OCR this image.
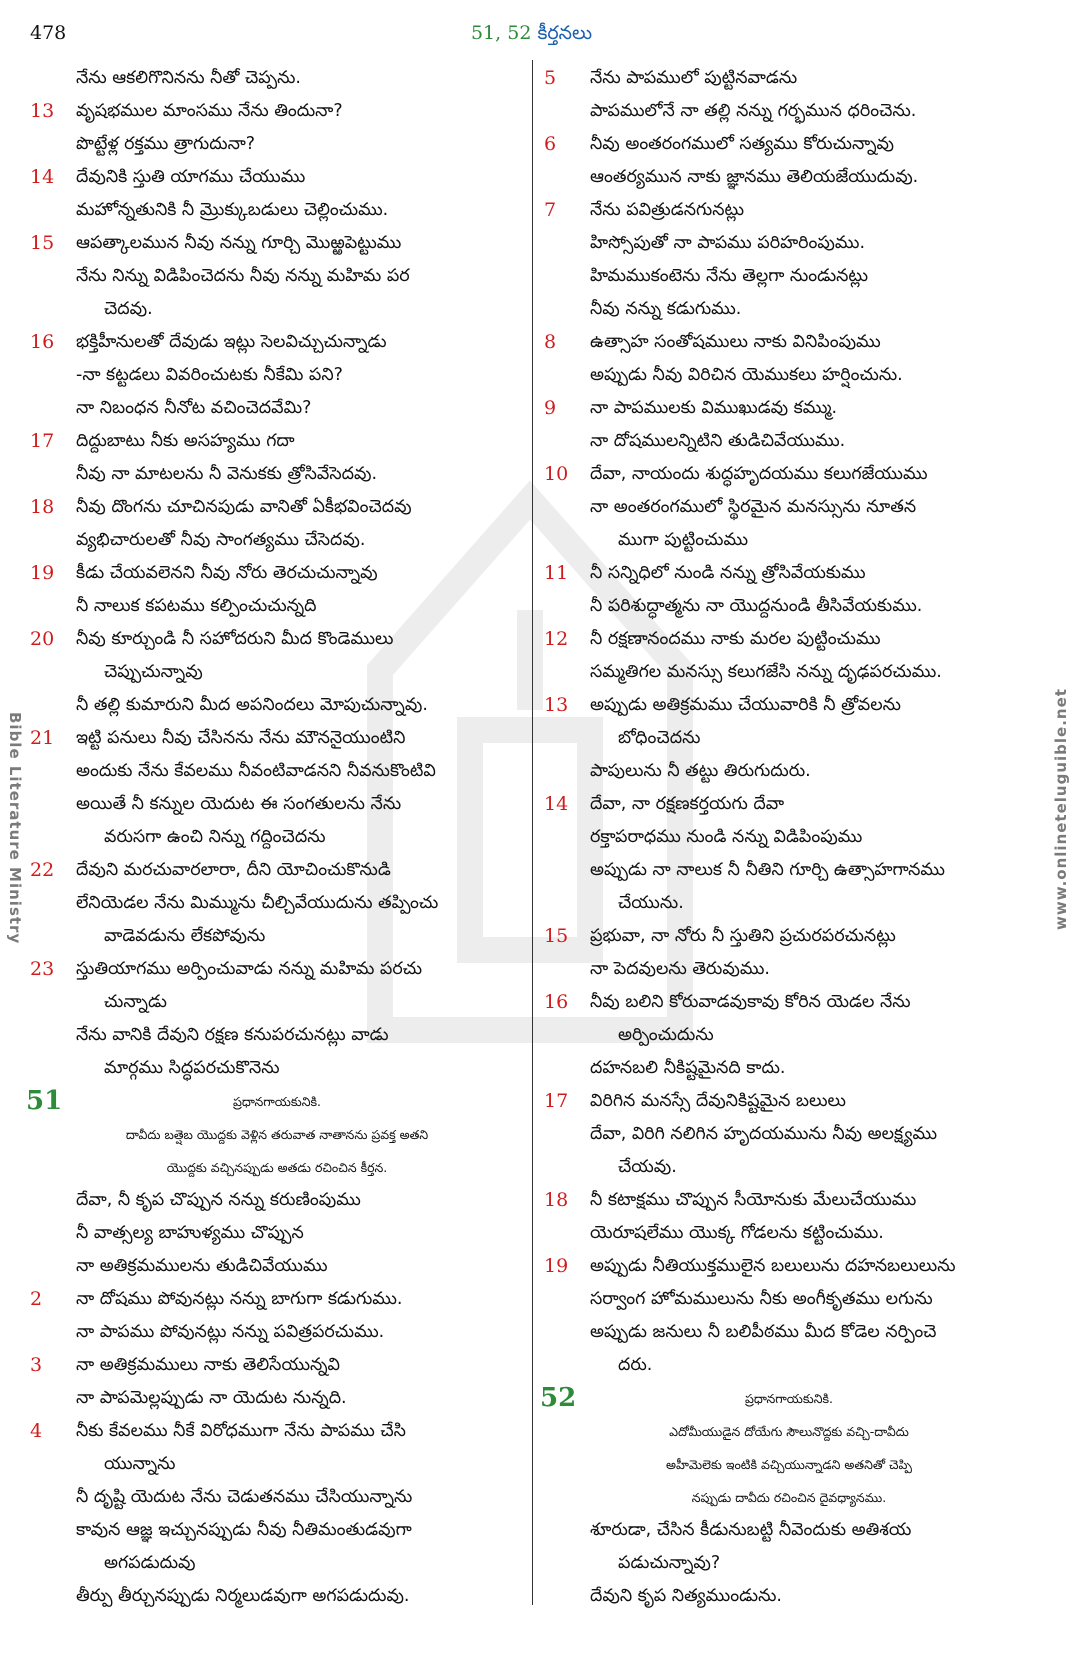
478	51, 52 కీర్తనలు
నేను ఆకలిగొనినను నీతో చెప్పను.
13 వృషభముల మాంసము నేను తిందునా?
పొట్టేళ్ల రక్తము త్రాగుదునా?
14 దేవునికి స్తుతి యాగము చేయుము
మహోన్నతునికి నీ మ్రొక్కుబడులు చెల్లించుము.
15 ఆపత్కాలమున నీవు నన్ను గూర్చి మొఱ్ఱపెట్టుము
నేను నిన్ను విడిపించెదను నీవు నన్ను మహిమ పర
చెదవు.
16 భక్తిహీనులతో దేవుడు ఇట్లు సెలవిచ్చుచున్నాడు
-నా కట్టడలు వివరించుటకు నీకేమి పని?
నా నిబంధన నీనోట వచించెదవేమి?
17 దిద్దుబాటు నీకు అసహ్యము గదా
నీవు నా మాటలను నీ వెనుకకు త్రోసివేసెదవు.
18 నీవు దొంగను చూచినపుడు వానితో ఏకీభవించెదవు
వ్యభిచారులతో నీవు సాంగత్యము చేసెదవు.
19 కీడు చేయవలెనని నీవు నోరు తెరచుచున్నావు
నీ నాలుక కపటము కల్పించుచున్నది
20 నీవు కూర్చుండి నీ సహోదరుని మీద కొండెములు
చెప్పుచున్నావు
నీ తల్లి కుమారుని మీద అపనిందలు మోపుచున్నావు.
21 ఇట్టి పనులు నీవు చేసినను నేను మౌననైయుంటిని
అందుకు నేను కేవలము నీవంటివాడనని నీవనుకొంటివి
అయితే నీ కన్నుల యెదుట ఈ సంగతులను నేను
వరుసగా ఉంచి నిన్ను గద్దించెదను
22 దేవుని మరచువారలారా, దీని యోచించుకొనుడి
లేనియెడల నేను మిమ్మును చీల్చివేయుదును తప్పించు
వాడెవడును లేకపోవును
23 స్తుతియాగము అర్పించువాడు నన్ను మహిమ పరచు
చున్నాడు
నేను వానికి దేవుని రక్షణ కనుపరచునట్లు వాడు
మార్గము సిద్ధపరచుకొనెను
51	ప్రధానగాయకునికి.
దావీదు బత్షెబ యొద్దకు వెళ్లిన తరువాత నాతానను ప్రవక్త అతని
యొద్దకు వచ్చినప్పుడు అతడు రచించిన కీర్తన.
దేవా, నీ కృప చొప్పున నన్ను కరుణింపుము
నీ వాత్సల్య బాహుళ్యము చొప్పున
నా అతిక్రమములను తుడిచివేయుము
2 నా దోషము పోవునట్లు నన్ను బాగుగా కడుగుము.
నా పాపము పోవునట్లు నన్ను పవిత్రపరచుము.
3 నా అతిక్రమములు నాకు తెలిసేయున్నవి
నా పాపమెల్లప్పుడు నా యెదుట నున్నది.
4 నీకు కేవలము నీకే విరోధముగా నేను పాపము చేసి
యున్నాను
నీ దృష్టి యెదుట నేను చెడుతనము చేసియున్నాను
కావున ఆజ్ఞ ఇచ్చునప్పుడు నీవు నీతిమంతుడవుగా
అగపడుదువు
తీర్పు తీర్చునప్పుడు నిర్మలుడవుగా అగపడుదువు.
5 నేను పాపములో పుట్టినవాడను
పాపములోనే నా తల్లి నన్ను గర్భమున ధరించెను.
6 నీవు అంతరంగములో సత్యము కోరుచున్నావు
ఆంతర్యమున నాకు జ్ఞానము తెలియజేయుదువు.
7 నేను పవిత్రుడనగునట్లు
హిస్సోపుతో నా పాపము పరిహరింపుము.
హిమముకంటెను నేను తెల్లగా నుండునట్లు
నీవు నన్ను కడుగుము.
8 ఉత్సాహ సంతోషములు నాకు వినిపింపుము
అప్పుడు నీవు విరిచిన యెముకలు హర్షించును.
9 నా పాపములకు విముఖుడవు కమ్ము.
నా దోషములన్నిటిని తుడిచివేయుము.
10 దేవా, నాయందు శుద్ధహృదయము కలుగజేయుము
నా అంతరంగములో స్థిరమైన మనస్సును నూతన
ముగా పుట్టించుము
11 నీ సన్నిధిలో నుండి నన్ను త్రోసివేయకుము
నీ పరిశుద్ధాత్మను నా యొద్దనుండి తీసివేయకుము.
12 నీ రక్షణానందము నాకు మరల పుట్టించుము
సమ్మతిగల మనస్సు కలుగజేసి నన్ను దృఢపరచుము.
13 అప్పుడు అతిక్రమము చేయువారికి నీ త్రోవలను
బోధించెదను
పాపులును నీ తట్టు తిరుగుదురు.
14 దేవా, నా రక్షణకర్తయగు దేవా
రక్తాపరాధము నుండి నన్ను విడిపింపుము
అప్పుడు నా నాలుక నీ నీతిని గూర్చి ఉత్సాహగానము
చేయును.
15 ప్రభువా, నా నోరు నీ స్తుతిని ప్రచురపరచునట్లు
నా పెదవులను తెరువుము.
16 నీవు బలిని కోరువాడవుకావు కోరిన యెడల నేను
అర్పించుదును
దహనబలి నీకిష్టమైనది కాదు.
17 విరిగిన మనస్సే దేవునికిష్టమైన బలులు
దేవా, విరిగి నలిగిన హృదయమును నీవు అలక్ష్యము
చేయవు.
18 నీ కటాక్షము చొప్పున సీయోనుకు మేలుచేయుము
యెరూషలేము యొక్క గోడలను కట్టించుము.
19 అప్పుడు నీతియుక్తములైన బలులును దహనబలులును
సర్వాంగ హోమములును నీకు అంగీకృతము లగును
అప్పుడు జనులు నీ బలిపీఠము మీద కోడెల నర్పించె
దరు.
52	ప్రధానగాయకునికి.
ఎదోమీయుడైన దోయేగు సౌలునొద్దకు వచ్చి-దావీదు
అహీమెలెకు ఇంటికి వచ్చియున్నాడని అతనితో చెప్పి
నప్పుడు దావీదు రచించిన దైవధ్యానము.
శూరుడా, చేసిన కీడునుబట్టి నీవెందుకు అతిశయ
పడుచున్నావు?
దేవుని కృప నిత్యముండును.
Bible Literature Ministry	www.onlineteluguible.net
